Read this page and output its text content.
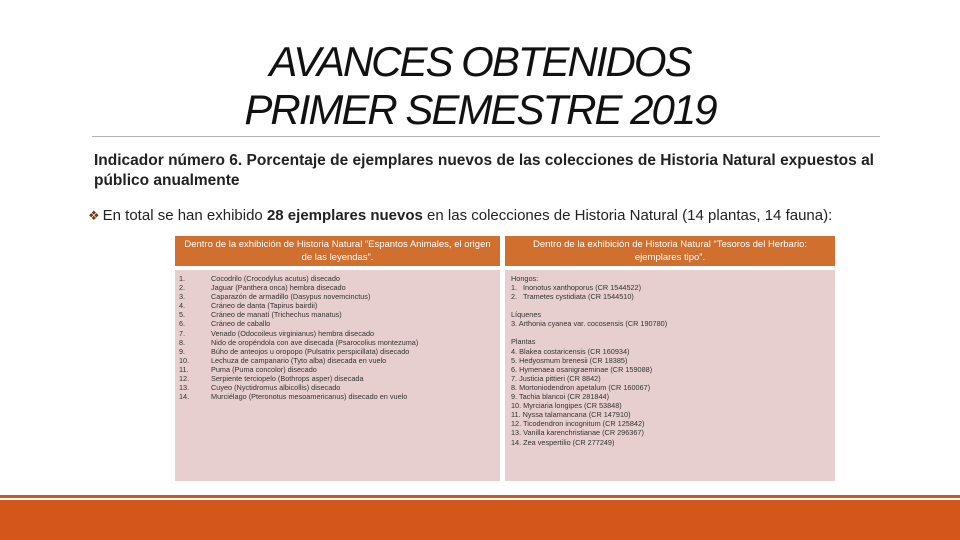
AVANCES OBTENIDOS
PRIMER SEMESTRE 2019
Indicador número 6. Porcentaje de ejemplares nuevos de las colecciones de Historia Natural expuestos al público anualmente
❖ En total se han exhibido 28 ejemplares nuevos en las colecciones de Historia Natural (14 plantas, 14 fauna):
Dentro de la exhibición de Historia Natural “Espantos Animales, el origen de las leyendas”.
Dentro de la exhibición de Historia Natural “Tesoros del Herbario: ejemplares tipo”.
1.	Cocodrilo (Crocodylus acutus) disecado
2.	Jaguar (Panthera onca) hembra disecado
3.	Caparazón de armadillo (Dasypus novemcinctus)
4.	Cráneo de danta (Tapirus bairdii)
5.	Cráneo de manatí (Trichechus manatus)
6.	Cráneo de caballo
7.	Venado (Odocoileus virginianus) hembra disecado
8.	Nido de oropéndola con ave disecada (Psarocolius montezuma)
9.	Búho de anteojos u oropopo (Pulsatrix perspicillata) disecado
10.	Lechuza de campanario (Tyto alba) disecada en vuelo
11.	Puma (Puma concolor) disecado
12.	Serpiente terciopelo (Bothrops asper) disecada
13.	Cuyeo (Nyctidromus albicollis) disecado
14.	Murciélago (Pteronotus mesoamericanus) disecado en vuelo
Hongos:
1. Inonotus xanthoporus (CR 1544522)
2. Trametes cystidiata (CR 1544510)
Líquenes
3. Arthonia cyanea var. cocosensis (CR 190780)
Plantas
4. Blakea costaricensis (CR 160934)
5. Hedyosmum brenesii (CR 18385)
6. Hymenaea osanigraeminae (CR 159088)
7. Justicia pittieri (CR 8842)
8. Mortoniodendron apetalum (CR 160067)
9. Tachia blancoi (CR 281844)
10. Myrciaria longipes (CR 53848)
11. Nyssa talamancana (CR 147910)
12. Ticodendron incognitum (CR 125842)
13. Vanilla karenchristianae (CR 296367)
14. Zea vespertilio (CR 277249)
